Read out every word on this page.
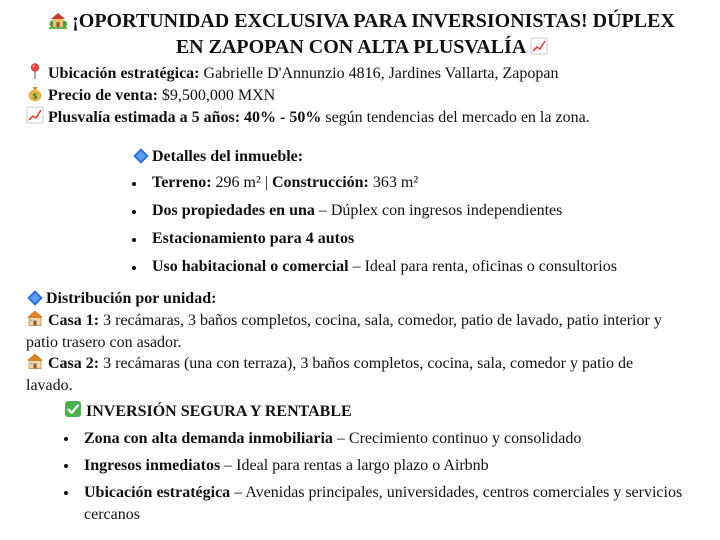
¡OPORTUNIDAD EXCLUSIVA PARA INVERSIONISTAS! DÚPLEX
EN ZAPOPAN CON ALTA PLUSVALÍA
Ubicación estratégica: Gabrielle D'Annunzio 4816, Jardines Vallarta, Zapopan
Precio de venta: $9,500,000 MXN
Plusvalía estimada a 5 años: 40% - 50% según tendencias del mercado en la zona.
Detalles del inmueble:
Terreno: 296 m² | Construcción: 363 m²
Dos propiedades en una – Dúplex con ingresos independientes
Estacionamiento para 4 autos
Uso habitacional o comercial – Ideal para renta, oficinas o consultorios
Distribución por unidad:
Casa 1: 3 recámaras, 3 baños completos, cocina, sala, comedor, patio de lavado, patio interior y patio trasero con asador.
Casa 2: 3 recámaras (una con terraza), 3 baños completos, cocina, sala, comedor y patio de lavado.
INVERSIÓN SEGURA Y RENTABLE
Zona con alta demanda inmobiliaria – Crecimiento continuo y consolidado
Ingresos inmediatos – Ideal para rentas a largo plazo o Airbnb
Ubicación estratégica – Avenidas principales, universidades, centros comerciales y servicios cercanos
